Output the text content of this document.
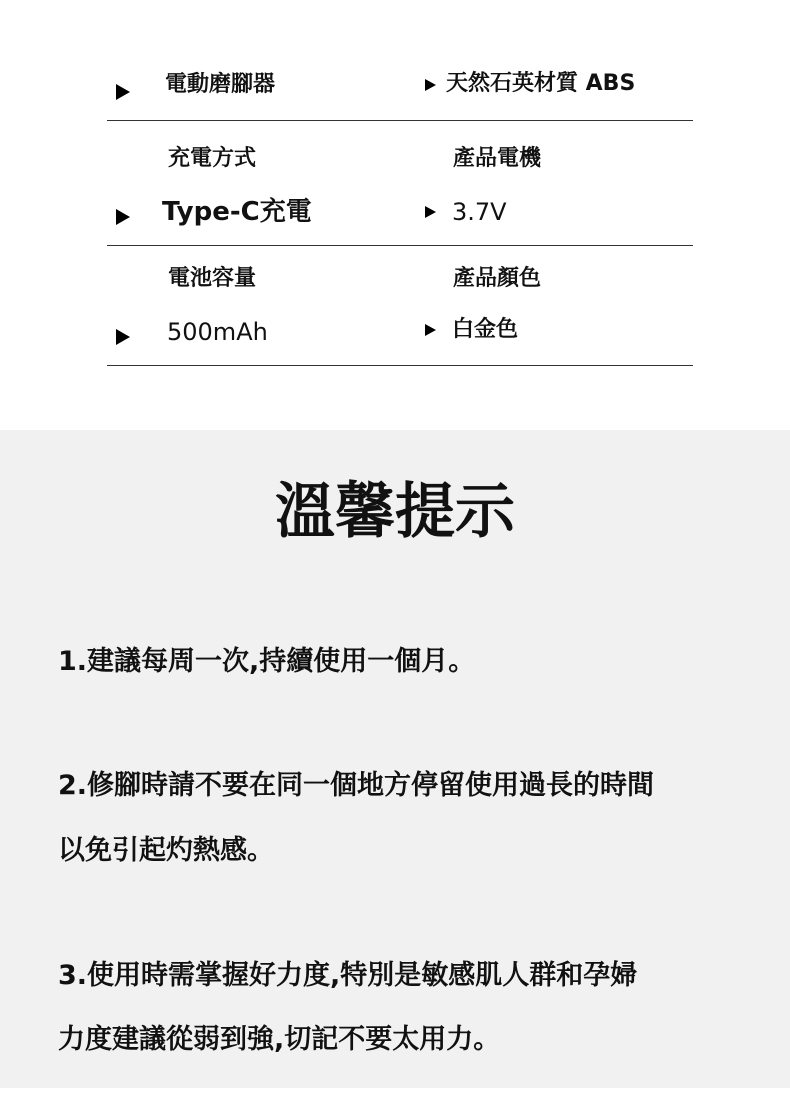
電動磨腳器	天然石英材質 ABS
充電方式	產品電機
Type-C充電	3.7V
電池容量	產品顏色
500mAh	白金色
溫馨提示
1.建議每周一次,持續使用一個月。
2.修腳時請不要在同一個地方停留使用過長的時間
以免引起灼熱感。
3.使用時需掌握好力度,特別是敏感肌人群和孕婦
力度建議從弱到強,切記不要太用力。
